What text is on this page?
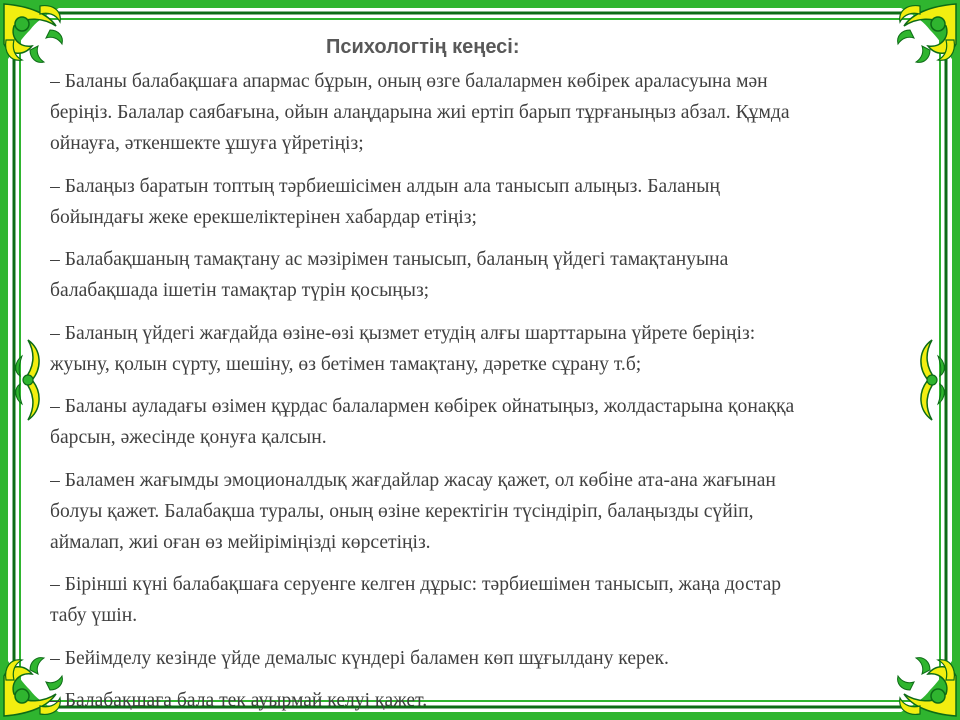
Психологтің кеңесі:

– Баланы балабақшаға апармас бұрын, оның өзге балалармен көбірек араласуына мән
беріңіз. Балалар саябағына, ойын алаңдарына жиі ертіп барып тұрғаныңыз абзал. Құмда
ойнауға, әткеншекте ұшуға үйретіңіз;

– Балаңыз баратын топтың тәрбиешісімен алдын ала танысып алыңыз. Баланың
бойындағы жеке ерекшеліктерінен хабардар етіңіз;

– Балабақшаның тамақтану ас мәзірімен танысып, баланың үйдегі тамақтануына
балабақшада ішетін тамақтар түрін қосыңыз;

– Баланың үйдегі жағдайда өзіне-өзі қызмет етудің алғы шарттарына үйрете беріңіз:
жуыну, қолын сүрту, шешіну, өз бетімен тамақтану, дәретке сұрану т.б;

– Баланы ауладағы өзімен құрдас балалармен көбірек ойнатыңыз, жолдастарына қонаққа
барсын, әжесінде қонуға қалсын.

– Баламен жағымды эмоционалдық жағдайлар жасау қажет, ол көбіне ата-ана жағынан
болуы қажет. Балабақша туралы, оның өзіне керектігін түсіндіріп, балаңызды сүйіп,
аймалап, жиі оған өз мейіріміңізді көрсетіңіз.

– Бірінші күні балабақшаға серуенге келген дұрыс: тәрбиешімен танысып, жаңа достар
табу үшін.

– Бейімделу кезінде үйде демалыс күндері баламен көп шұғылдану керек.

– Балабақшаға бала тек ауырмай келуі қажет.
